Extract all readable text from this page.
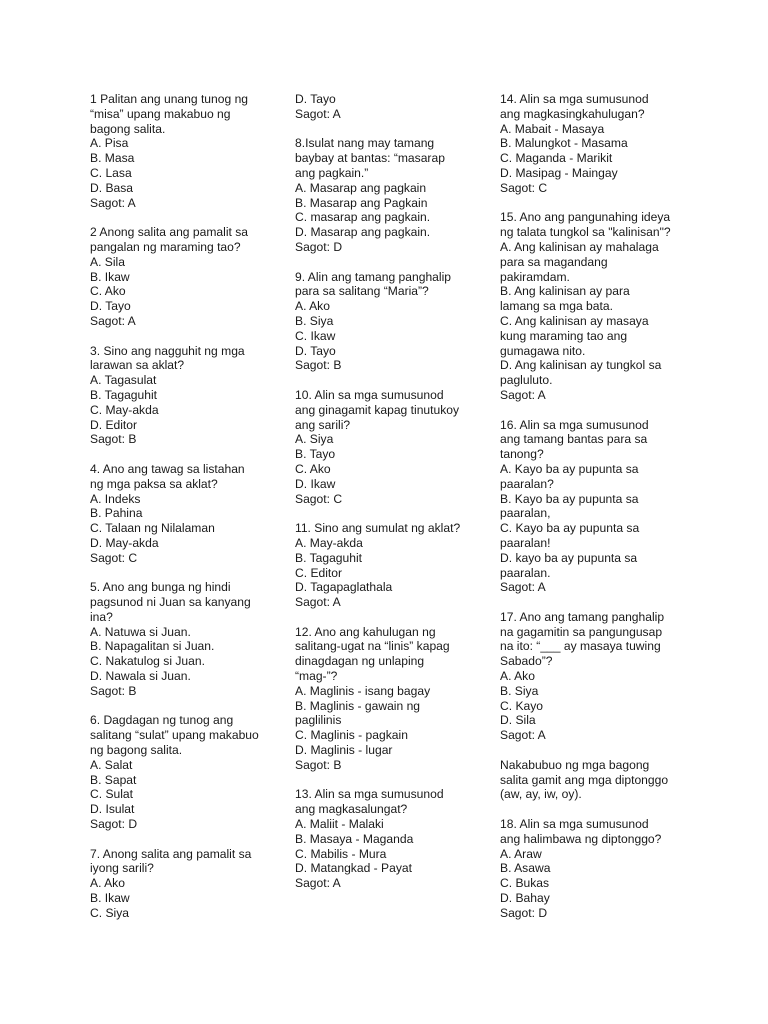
1 Palitan ang unang tunog ng
“misa” upang makabuo ng
bagong salita.
A. Pisa
B. Masa
C. Lasa
D. Basa
Sagot: A
2 Anong salita ang pamalit sa
pangalan ng maraming tao?
A. Sila
B. Ikaw
C. Ako
D. Tayo
Sagot: A
3. Sino ang nagguhit ng mga
larawan sa aklat?
A. Tagasulat
B. Tagaguhit
C. May-akda
D. Editor
Sagot: B
4. Ano ang tawag sa listahan
ng mga paksa sa aklat?
A. Indeks
B. Pahina
C. Talaan ng Nilalaman
D. May-akda
Sagot: C
5. Ano ang bunga ng hindi
pagsunod ni Juan sa kanyang
ina?
A. Natuwa si Juan.
B. Napagalitan si Juan.
C. Nakatulog si Juan.
D. Nawala si Juan.
Sagot: B
6. Dagdagan ng tunog ang
salitang “sulat” upang makabuo
ng bagong salita.
A. Salat
B. Sapat
C. Sulat
D. Isulat
Sagot: D
7. Anong salita ang pamalit sa
iyong sarili?
A. Ako
B. Ikaw
C. Siya
D. Tayo
Sagot: A
8.Isulat nang may tamang
baybay at bantas: “masarap
ang pagkain.”
A. Masarap ang pagkain
B. Masarap ang Pagkain
C. masarap ang pagkain.
D. Masarap ang pagkain.
Sagot: D
9. Alin ang tamang panghalip
para sa salitang “Maria”?
A. Ako
B. Siya
C. Ikaw
D. Tayo
Sagot: B
10. Alin sa mga sumusunod
ang ginagamit kapag tinutukoy
ang sarili?
A. Siya
B. Tayo
C. Ako
D. Ikaw
Sagot: C
11. Sino ang sumulat ng aklat?
A. May-akda
B. Tagaguhit
C. Editor
D. Tagapaglathala
Sagot: A
12. Ano ang kahulugan ng
salitang-ugat na “linis” kapag
dinagdagan ng unlaping
“mag-”?
A. Maglinis - isang bagay
B. Maglinis - gawain ng
paglilinis
C. Maglinis - pagkain
D. Maglinis - lugar
Sagot: B
13. Alin sa mga sumusunod
ang magkasalungat?
A. Maliit - Malaki
B. Masaya - Maganda
C. Mabilis - Mura
D. Matangkad - Payat
Sagot: A
14. Alin sa mga sumusunod
ang magkasingkahulugan?
A. Mabait - Masaya
B. Malungkot - Masama
C. Maganda - Marikit
D. Masipag - Maingay
Sagot: C
15. Ano ang pangunahing ideya
ng talata tungkol sa "kalinisan"?
A. Ang kalinisan ay mahalaga
para sa magandang
pakiramdam.
B. Ang kalinisan ay para
lamang sa mga bata.
C. Ang kalinisan ay masaya
kung maraming tao ang
gumagawa nito.
D. Ang kalinisan ay tungkol sa
pagluluto.
Sagot: A
16. Alin sa mga sumusunod
ang tamang bantas para sa
tanong?
A. Kayo ba ay pupunta sa
paaralan?
B. Kayo ba ay pupunta sa
paaralan,
C. Kayo ba ay pupunta sa
paaralan!
D. kayo ba ay pupunta sa
paaralan.
Sagot: A
17. Ano ang tamang panghalip
na gagamitin sa pangungusap
na ito: “___ ay masaya tuwing
Sabado”?
A. Ako
B. Siya
C. Kayo
D. Sila
Sagot: A
Nakabubuo ng mga bagong
salita gamit ang mga diptonggo
(aw, ay, iw, oy).
18. Alin sa mga sumusunod
ang halimbawa ng diptonggo?
A. Araw
B. Asawa
C. Bukas
D. Bahay
Sagot: D
